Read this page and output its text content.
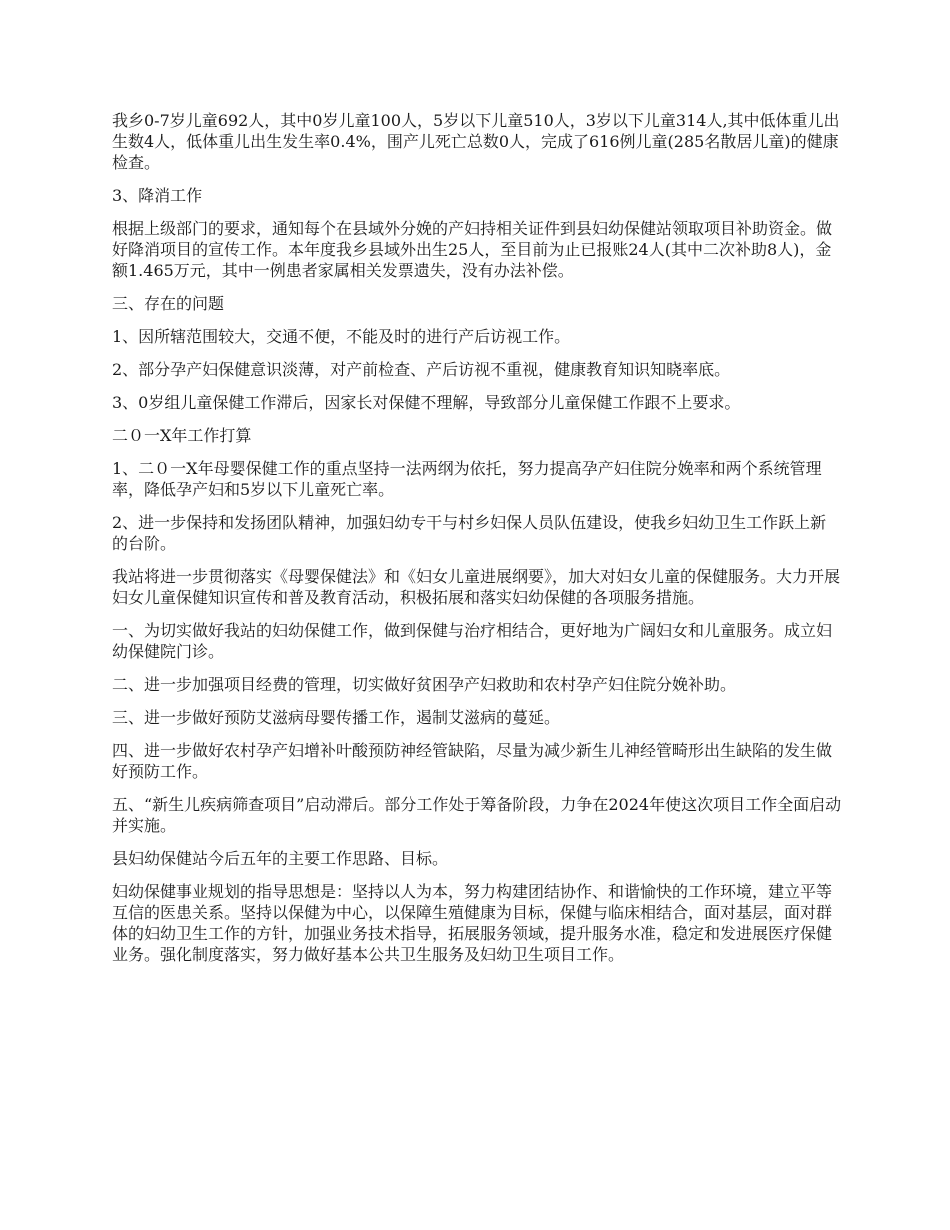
我乡0-7岁儿童692人，其中0岁儿童100人，5岁以下儿童510人，3岁以下儿童314人,其中低体重儿出生数4人，低体重儿出生发生率0.4%，围产儿死亡总数0人，完成了616例儿童(285名散居儿童)的健康检查。

3、降消工作

根据上级部门的要求，通知每个在县域外分娩的产妇持相关证件到县妇幼保健站领取项目补助资金。做好降消项目的宣传工作。本年度我乡县域外出生25人，至目前为止已报账24人(其中二次补助8人)，金额1.465万元，其中一例患者家属相关发票遗失，没有办法补偿。

三、存在的问题

1、因所辖范围较大，交通不便，不能及时的进行产后访视工作。

2、部分孕产妇保健意识淡薄，对产前检查、产后访视不重视，健康教育知识知晓率底。

3、0岁组儿童保健工作滞后，因家长对保健不理解，导致部分儿童保健工作跟不上要求。

二０一X年工作打算

1、二０一X年母婴保健工作的重点坚持一法两纲为依托，努力提高孕产妇住院分娩率和两个系统管理率，降低孕产妇和5岁以下儿童死亡率。

2、进一步保持和发扬团队精神，加强妇幼专干与村乡妇保人员队伍建设，使我乡妇幼卫生工作跃上新的台阶。

我站将进一步贯彻落实《母婴保健法》和《妇女儿童进展纲要》，加大对妇女儿童的保健服务。大力开展妇女儿童保健知识宣传和普及教育活动，积极拓展和落实妇幼保健的各项服务措施。

一、为切实做好我站的妇幼保健工作，做到保健与治疗相结合，更好地为广阔妇女和儿童服务。成立妇幼保健院门诊。

二、进一步加强项目经费的管理，切实做好贫困孕产妇救助和农村孕产妇住院分娩补助。

三、进一步做好预防艾滋病母婴传播工作，遏制艾滋病的蔓延。

四、进一步做好农村孕产妇增补叶酸预防神经管缺陷，尽量为减少新生儿神经管畸形出生缺陷的发生做好预防工作。

五、“新生儿疾病筛查项目”启动滞后。部分工作处于筹备阶段，力争在2024年使这次项目工作全面启动并实施。

县妇幼保健站今后五年的主要工作思路、目标。

妇幼保健事业规划的指导思想是：坚持以人为本，努力构建团结协作、和谐愉快的工作环境，建立平等互信的医患关系。坚持以保健为中心，以保障生殖健康为目标，保健与临床相结合，面对基层，面对群体的妇幼卫生工作的方针，加强业务技术指导，拓展服务领域，提升服务水准，稳定和发进展医疗保健业务。强化制度落实，努力做好基本公共卫生服务及妇幼卫生项目工作。
